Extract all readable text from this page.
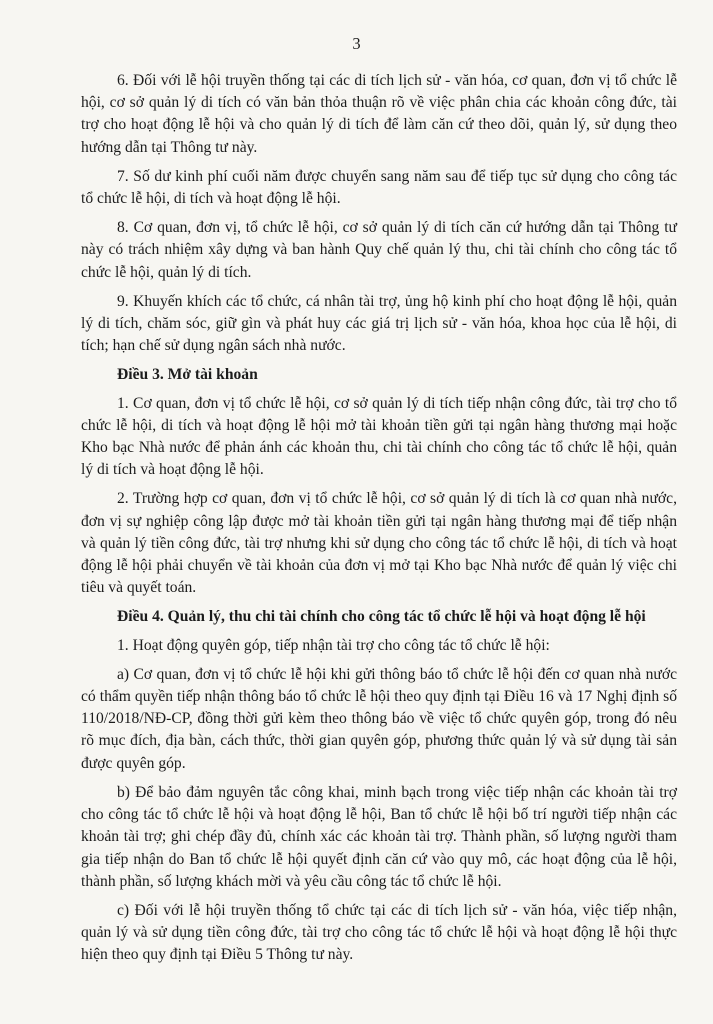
3

6. Đối với lễ hội truyền thống tại các di tích lịch sử - văn hóa, cơ quan, đơn vị tổ chức lễ hội, cơ sở quản lý di tích có văn bản thỏa thuận rõ về việc phân chia các khoản công đức, tài trợ cho hoạt động lễ hội và cho quản lý di tích để làm căn cứ theo dõi, quản lý, sử dụng theo hướng dẫn tại Thông tư này.

7. Số dư kinh phí cuối năm được chuyển sang năm sau để tiếp tục sử dụng cho công tác tổ chức lễ hội, di tích và hoạt động lễ hội.

8. Cơ quan, đơn vị, tổ chức lễ hội, cơ sở quản lý di tích căn cứ hướng dẫn tại Thông tư này có trách nhiệm xây dựng và ban hành Quy chế quản lý thu, chi tài chính cho công tác tổ chức lễ hội, quản lý di tích.

9. Khuyến khích các tổ chức, cá nhân tài trợ, ủng hộ kinh phí cho hoạt động lễ hội, quản lý di tích, chăm sóc, giữ gìn và phát huy các giá trị lịch sử - văn hóa, khoa học của lễ hội, di tích; hạn chế sử dụng ngân sách nhà nước.

Điều 3. Mở tài khoản

1. Cơ quan, đơn vị tổ chức lễ hội, cơ sở quản lý di tích tiếp nhận công đức, tài trợ cho tổ chức lễ hội, di tích và hoạt động lễ hội mở tài khoản tiền gửi tại ngân hàng thương mại hoặc Kho bạc Nhà nước để phản ánh các khoản thu, chi tài chính cho công tác tổ chức lễ hội, quản lý di tích và hoạt động lễ hội.

2. Trường hợp cơ quan, đơn vị tổ chức lễ hội, cơ sở quản lý di tích là cơ quan nhà nước, đơn vị sự nghiệp công lập được mở tài khoản tiền gửi tại ngân hàng thương mại để tiếp nhận và quản lý tiền công đức, tài trợ nhưng khi sử dụng cho công tác tổ chức lễ hội, di tích và hoạt động lễ hội phải chuyển về tài khoản của đơn vị mở tại Kho bạc Nhà nước để quản lý việc chi tiêu và quyết toán.

Điều 4. Quản lý, thu chi tài chính cho công tác tổ chức lễ hội và hoạt động lễ hội

1. Hoạt động quyên góp, tiếp nhận tài trợ cho công tác tổ chức lễ hội:

a) Cơ quan, đơn vị tổ chức lễ hội khi gửi thông báo tổ chức lễ hội đến cơ quan nhà nước có thẩm quyền tiếp nhận thông báo tổ chức lễ hội theo quy định tại Điều 16 và 17 Nghị định số 110/2018/NĐ-CP, đồng thời gửi kèm theo thông báo về việc tổ chức quyên góp, trong đó nêu rõ mục đích, địa bàn, cách thức, thời gian quyên góp, phương thức quản lý và sử dụng tài sản được quyên góp.

b) Để bảo đảm nguyên tắc công khai, minh bạch trong việc tiếp nhận các khoản tài trợ cho công tác tổ chức lễ hội và hoạt động lễ hội, Ban tổ chức lễ hội bố trí người tiếp nhận các khoản tài trợ; ghi chép đầy đủ, chính xác các khoản tài trợ. Thành phần, số lượng người tham gia tiếp nhận do Ban tổ chức lễ hội quyết định căn cứ vào quy mô, các hoạt động của lễ hội, thành phần, số lượng khách mời và yêu cầu công tác tổ chức lễ hội.

c) Đối với lễ hội truyền thống tổ chức tại các di tích lịch sử - văn hóa, việc tiếp nhận, quản lý và sử dụng tiền công đức, tài trợ cho công tác tổ chức lễ hội và hoạt động lễ hội thực hiện theo quy định tại Điều 5 Thông tư này.
